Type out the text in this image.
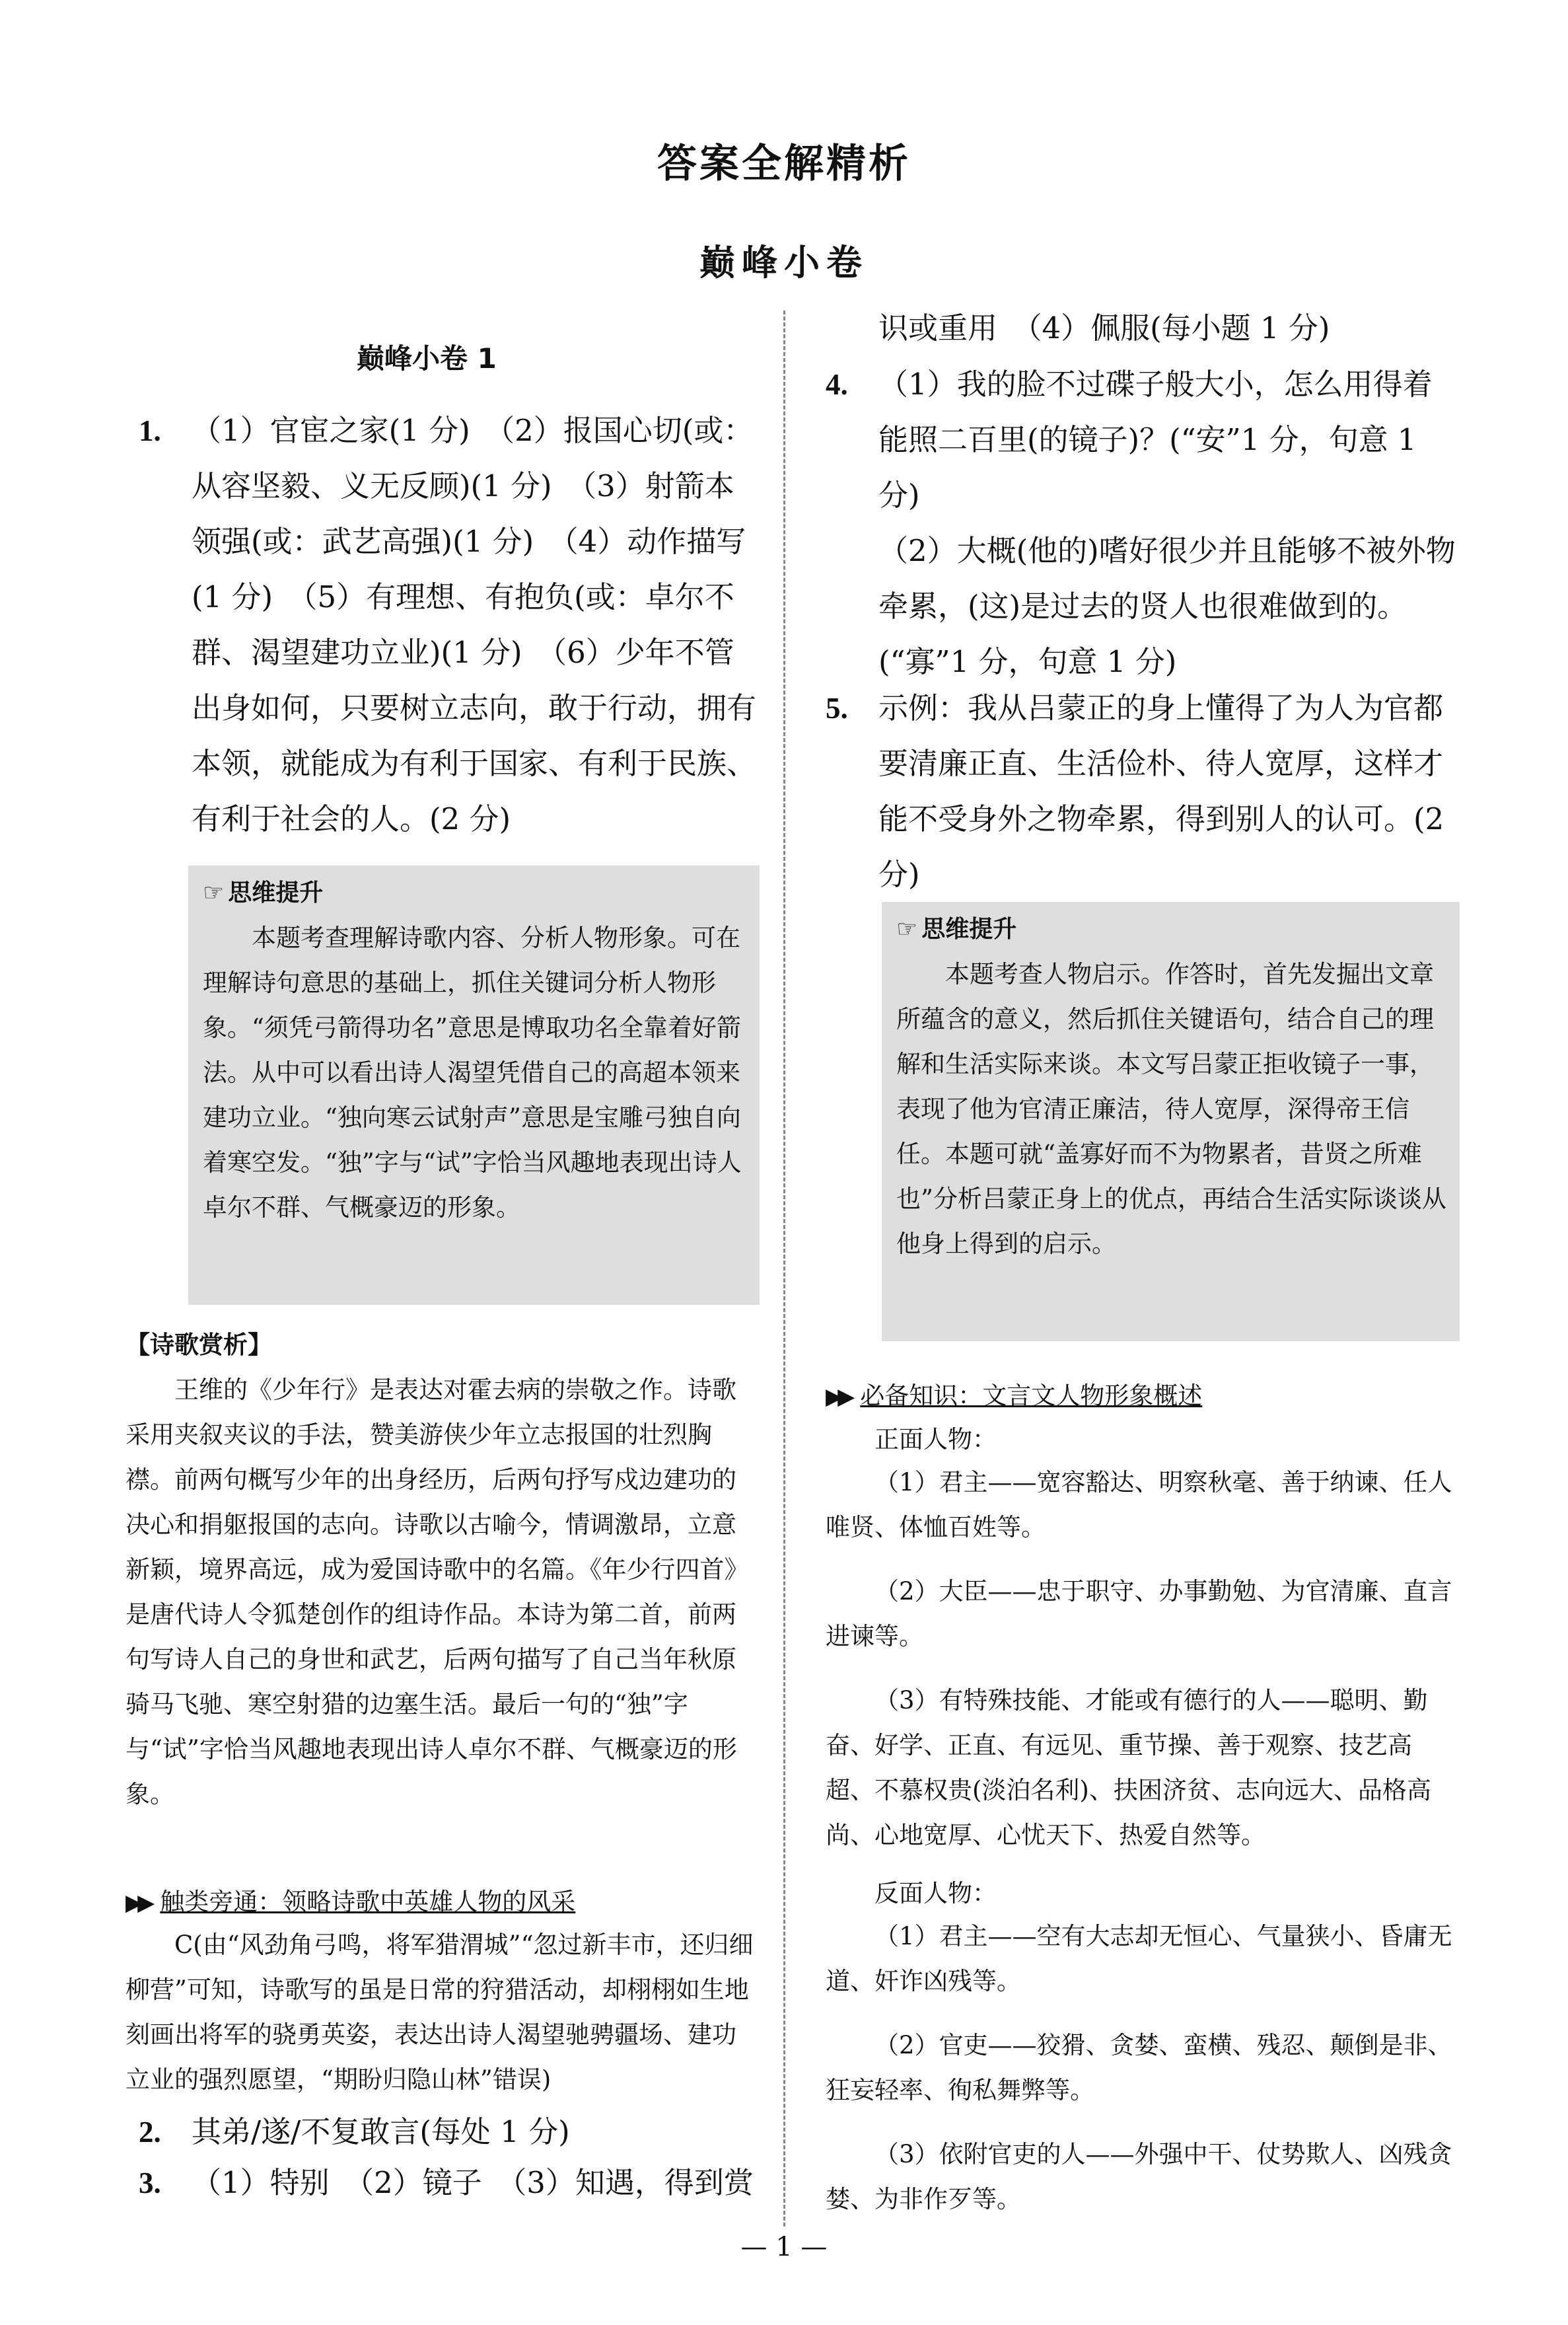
答案全解精析
巅峰小卷
巅峰小卷 1
1. （1）官宦之家(1 分)　（2）报国心切(或：从容坚毅、义无反顾)(1 分)　（3）射箭本领强(或：武艺高强)(1 分)　（4）动作描写(1 分)　（5）有理想、有抱负(或：卓尔不群、渴望建功立业)(1 分)　（6）少年不管出身如何，只要树立志向，敢于行动，拥有本领，就能成为有利于国家、有利于民族、有利于社会的人。(2 分)
☞ 思维提升

本题考查理解诗歌内容、分析人物形象。可在理解诗句意思的基础上，抓住关键词分析人物形象。“须凭弓箭得功名”意思是博取功名全靠着好箭法。从中可以看出诗人渴望凭借自己的高超本领来建功立业。“独向寒云试射声”意思是宝雕弓独自向着寒空发。“独”字与“试”字恰当风趣地表现出诗人卓尔不群、气概豪迈的形象。

【诗歌赏析】

王维的《少年行》是表达对霍去病的崇敬之作。诗歌采用夹叙夹议的手法，赞美游侠少年立志报国的壮烈胸襟。前两句概写少年的出身经历，后两句抒写戍边建功的决心和捐躯报国的志向。诗歌以古喻今，情调激昂，立意新颖，境界高远，成为爱国诗歌中的名篇。《年少行四首》是唐代诗人令狐楚创作的组诗作品。本诗为第二首，前两句写诗人自己的身世和武艺，后两句描写了自己当年秋原骑马飞驰、寒空射猎的边塞生活。最后一句的“独”字与“试”字恰当风趣地表现出诗人卓尔不群、气概豪迈的形象。

▶▶ 触类旁通：领略诗歌中英雄人物的风采

C(由“风劲角弓鸣，将军猎渭城”“忽过新丰市，还归细柳营”可知，诗歌写的虽是日常的狩猎活动，却栩栩如生地刻画出将军的骁勇英姿，表达出诗人渴望驰骋疆场、建功立业的强烈愿望，“期盼归隐山林”错误)

2. 其弟/遂/不复敢言(每处 1 分)
3. （1）特别　（2）镜子　（3）知遇，得到赏
识或重用　（4）佩服(每小题 1 分)
4. （1）我的脸不过碟子般大小，怎么用得着能照二百里(的镜子)？(“安”1 分，句意 1 分)
（2）大概(他的)嗜好很少并且能够不被外物牵累，(这)是过去的贤人也很难做到的。(“寡”1 分，句意 1 分)
5. 示例：我从吕蒙正的身上懂得了为人为官都要清廉正直、生活俭朴、待人宽厚，这样才能不受身外之物牵累，得到别人的认可。(2 分)
☞ 思维提升

本题考查人物启示。作答时，首先发掘出文章所蕴含的意义，然后抓住关键语句，结合自己的理解和生活实际来谈。本文写吕蒙正拒收镜子一事，表现了他为官清正廉洁，待人宽厚，深得帝王信任。本题可就“盖寡好而不为物累者，昔贤之所难也”分析吕蒙正身上的优点，再结合生活实际谈谈从他身上得到的启示。

▶▶ 必备知识：文言文人物形象概述
正面人物：

（1）君主——宽容豁达、明察秋毫、善于纳谏、任人唯贤、体恤百姓等。

（2）大臣——忠于职守、办事勤勉、为官清廉、直言进谏等。

（3）有特殊技能、才能或有德行的人——聪明、勤奋、好学、正直、有远见、重节操、善于观察、技艺高超、不慕权贵(淡泊名利)、扶困济贫、志向远大、品格高尚、心地宽厚、心忧天下、热爱自然等。

反面人物：

（1）君主——空有大志却无恒心、气量狭小、昏庸无道、奸诈凶残等。

（2）官吏——狡猾、贪婪、蛮横、残忍、颠倒是非、狂妄轻率、徇私舞弊等。

（3）依附官吏的人——外强中干、仗势欺人、凶残贪婪、为非作歹等。

— 1 —
